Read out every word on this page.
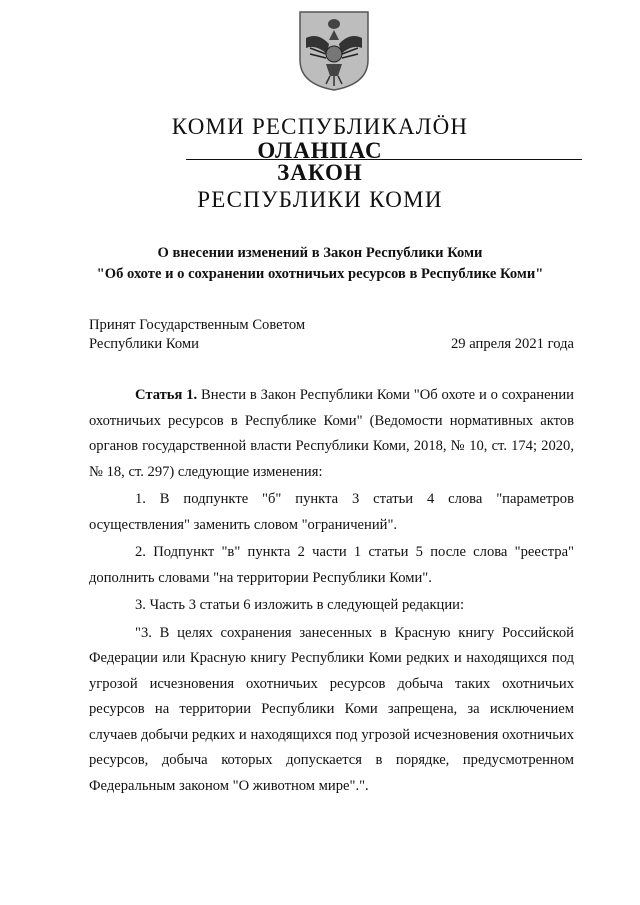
КОМИ РЕСПУБЛИКАЛӦН
ОЛАНПАС
ЗАКОН
РЕСПУБЛИКИ КОМИ
О внесении изменений в Закон Республики Коми
"Об охоте и о сохранении охотничьих ресурсов в Республике Коми"
Принят Государственным Советом
Республики Коми	29 апреля 2021 года

Статья 1. Внести в Закон Республики Коми "Об охоте и о сохранении охотничьих ресурсов в Республике Коми" (Ведомости нормативных актов органов государственной власти Республики Коми, 2018, № 10, ст. 174; 2020, № 18, ст. 297) следующие изменения:

1. В подпункте "б" пункта 3 статьи 4 слова "параметров осуществления" заменить словом "ограничений".

2. Подпункт "в" пункта 2 части 1 статьи 5 после слова "реестра" дополнить словами "на территории Республики Коми".

3. Часть 3 статьи 6 изложить в следующей редакции:

"3. В целях сохранения занесенных в Красную книгу Российской Федерации или Красную книгу Республики Коми редких и находящихся под угрозой исчезновения охотничьих ресурсов добыча таких охотничьих ресурсов на территории Республики Коми запрещена, за исключением случаев добычи редких и находящихся под угрозой исчезновения охотничьих ресурсов, добыча которых допускается в порядке, предусмотренном Федеральным законом "О животном мире".".
